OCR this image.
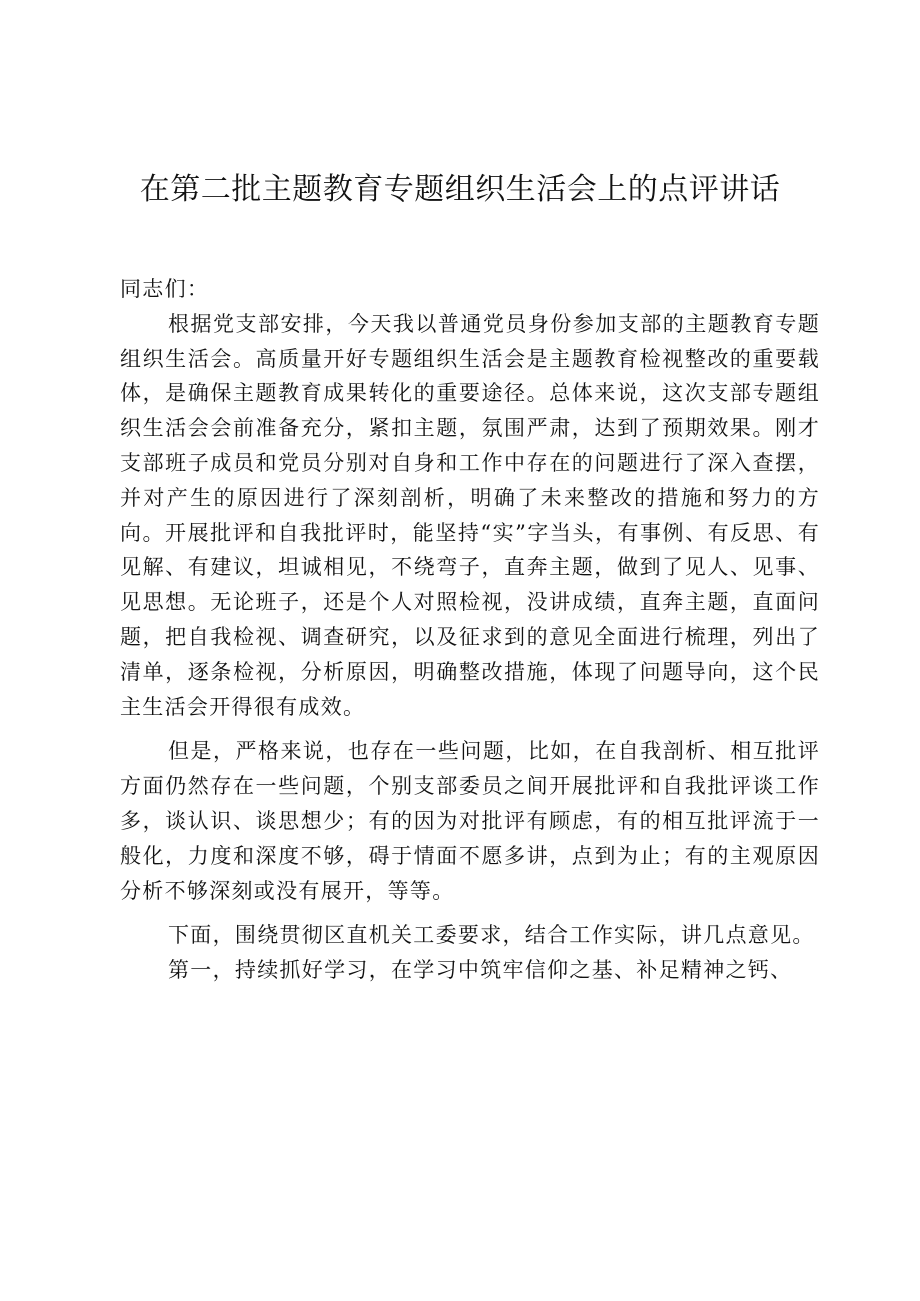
在第二批主题教育专题组织生活会上的点评讲话

同志们：

根据党支部安排，今天我以普通党员身份参加支部的主题教育专题组织生活会。高质量开好专题组织生活会是主题教育检视整改的重要载体，是确保主题教育成果转化的重要途径。总体来说，这次支部专题组织生活会会前准备充分，紧扣主题，氛围严肃，达到了预期效果。刚才支部班子成员和党员分别对自身和工作中存在的问题进行了深入查摆，并对产生的原因进行了深刻剖析，明确了未来整改的措施和努力的方向。开展批评和自我批评时，能坚持“实”字当头，有事例、有反思、有见解、有建议，坦诚相见，不绕弯子，直奔主题，做到了见人、见事、见思想。无论班子，还是个人对照检视，没讲成绩，直奔主题，直面问题，把自我检视、调查研究，以及征求到的意见全面进行梳理，列出了清单，逐条检视，分析原因，明确整改措施，体现了问题导向，这个民主生活会开得很有成效。

但是，严格来说，也存在一些问题，比如，在自我剖析、相互批评方面仍然存在一些问题，个别支部委员之间开展批评和自我批评谈工作多，谈认识、谈思想少；有的因为对批评有顾虑，有的相互批评流于一般化，力度和深度不够，碍于情面不愿多讲，点到为止；有的主观原因分析不够深刻或没有展开，等等。

下面，围绕贯彻区直机关工委要求，结合工作实际，讲几点意见。

第一，持续抓好学习，在学习中筑牢信仰之基、补足精神之钙、
